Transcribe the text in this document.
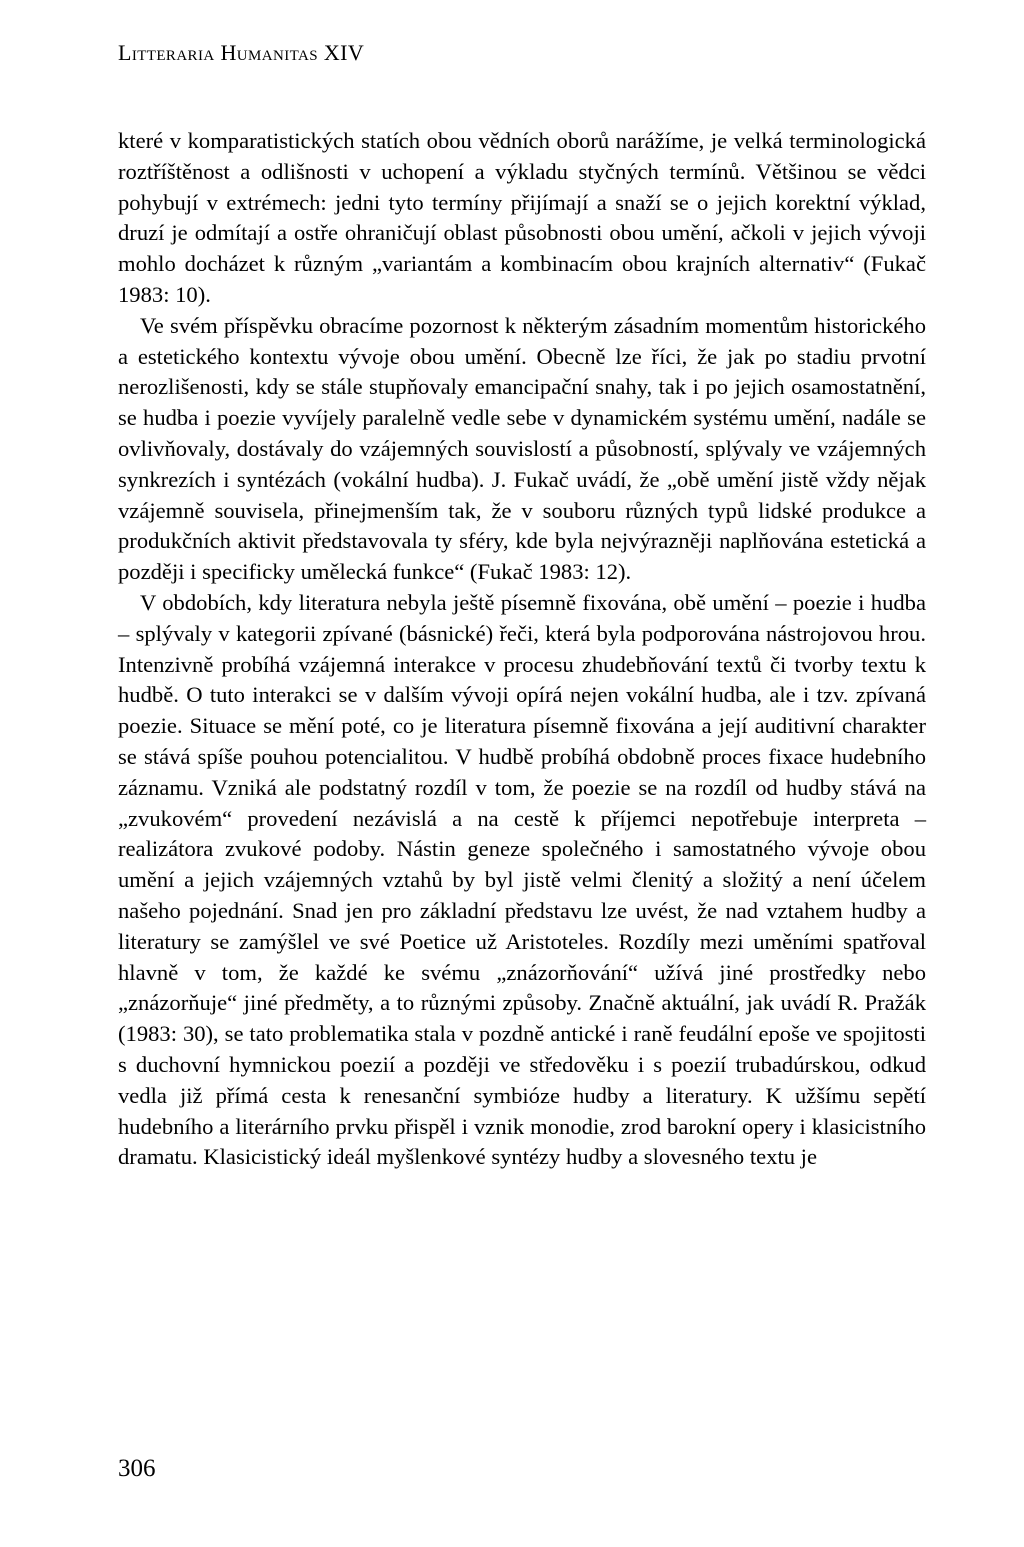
Litteraria Humanitas XIV

které v komparatistických statích obou vědních oborů narážíme, je velká terminologická roztříštěnost a odlišnosti v uchopení a výkladu styčných termínů. Většinou se vědci pohybují v extrémech: jedni tyto termíny přijímají a snaží se o jejich korektní výklad, druzí je odmítají a ostře ohraničují oblast působnosti obou umění, ačkoli v jejich vývoji mohlo docházet k různým „variantám a kombinacím obou krajních alternativ“ (Fukač 1983: 10).

Ve svém příspěvku obracíme pozornost k některým zásadním momentům historického a estetického kontextu vývoje obou umění. Obecně lze říci, že jak po stadiu prvotní nerozlišenosti, kdy se stále stupňovaly emancipační snahy, tak i po jejich osamostatnění, se hudba i poezie vyvíjely paralelně vedle sebe v dynamickém systému umění, nadále se ovlivňovaly, dostávaly do vzájemných souvislostí a působností, splývaly ve vzájemných synkrezích i syntézách (vokální hudba). J. Fukač uvádí, že „obě umění jistě vždy nějak vzájemně souvisela, přinejmenším tak, že v souboru různých typů lidské produkce a produkčních aktivit představovala ty sféry, kde byla nejvýrazněji naplňována estetická a později i specificky umělecká funkce“ (Fukač 1983: 12).

V obdobích, kdy literatura nebyla ještě písemně fixována, obě umění – poezie i hudba – splývaly v kategorii zpívané (básnické) řeči, která byla podporována nástrojovou hrou. Intenzivně probíhá vzájemná interakce v procesu zhudebňování textů či tvorby textu k hudbě. O tuto interakci se v dalším vývoji opírá nejen vokální hudba, ale i tzv. zpívaná poezie. Situace se mění poté, co je literatura písemně fixována a její auditivní charakter se stává spíše pouhou potencialitou. V hudbě probíhá obdobně proces fixace hudebního záznamu. Vzniká ale podstatný rozdíl v tom, že poezie se na rozdíl od hudby stává na „zvukovém“ provedení nezávislá a na cestě k příjemci nepotřebuje interpreta – realizátora zvukové podoby. Nástin geneze společného i samostatného vývoje obou umění a jejich vzájemných vztahů by byl jistě velmi členitý a složitý a není účelem našeho pojednání. Snad jen pro základní představu lze uvést, že nad vztahem hudby a literatury se zamýšlel ve své Poetice už Aristoteles. Rozdíly mezi uměními spatřoval hlavně v tom, že každé ke svému „znázorňování“ užívá jiné prostředky nebo „znázorňuje“ jiné předměty, a to různými způsoby. Značně aktuální, jak uvádí R. Pražák (1983: 30), se tato problematika stala v pozdně antické i raně feudální epoše ve spojitosti s duchovní hymnickou poezií a později ve středověku i s poezií trubadúrskou, odkud vedla již přímá cesta k renesanční symbióze hudby a literatury. K užšímu sepětí hudebního a literárního prvku přispěl i vznik monodie, zrod barokní opery i klasicistního dramatu. Klasicistický ideál myšlenkové syntézy hudby a slovesného textu je

306
